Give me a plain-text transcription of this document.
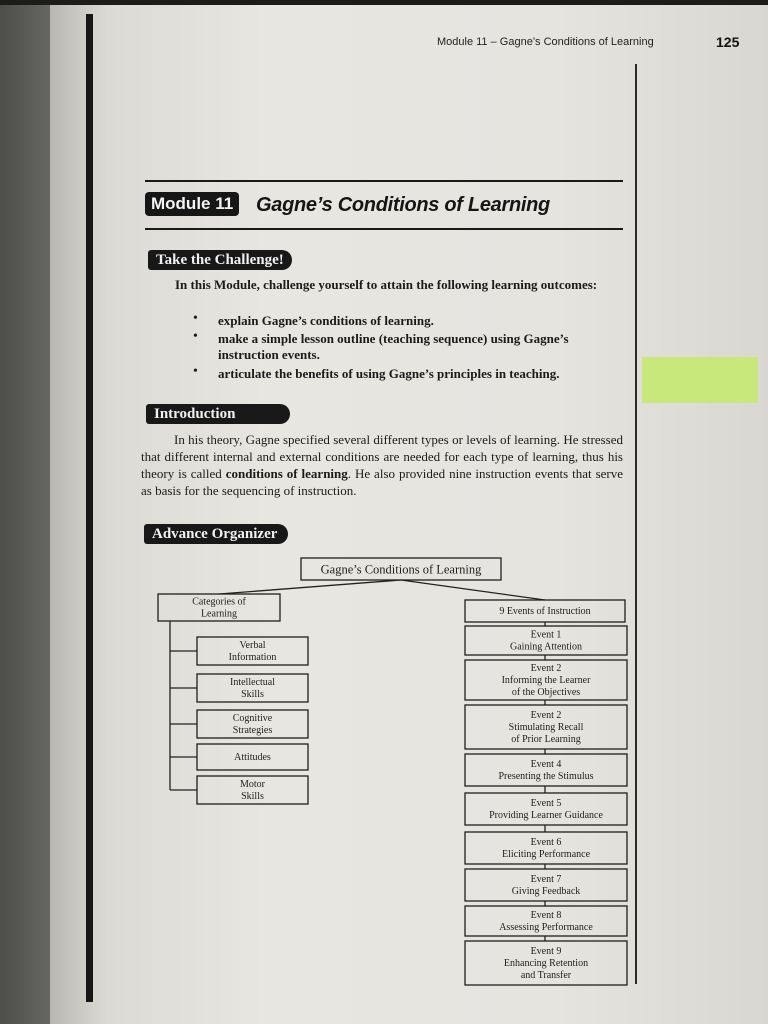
Module 11 – Gagne’s Conditions of Learning	125
Module 11	Gagne’s Conditions of Learning
Take the Challenge!
In this Module, challenge yourself to attain the following learning outcomes:
• explain Gagne’s conditions of learning.
• make a simple lesson outline (teaching sequence) using Gagne’s instruction events.
• articulate the benefits of using Gagne’s principles in teaching.
Introduction
In his theory, Gagne specified several different types or levels of learning. He stressed that different internal and external conditions are needed for each type of learning, thus his theory is called conditions of learning. He also provided nine instruction events that serve as basis for the sequencing of instruction.
Advance Organizer
Gagne’s Conditions of Learning
Categories of
Learning
Verbal
Information
Intellectual
Skills
Cognitive
Strategies
Attitudes
Motor
Skills
9 Events of Instruction
Event 1
Gaining Attention
Event 2
Informing the Learner
of the Objectives
Event 2
Stimulating Recall
of Prior Learning
Event 4
Presenting the Stimulus
Event 5
Providing Learner Guidance
Event 6
Eliciting Performance
Event 7
Giving Feedback
Event 8
Assessing Performance
Event 9
Enhancing Retention
and Transfer
